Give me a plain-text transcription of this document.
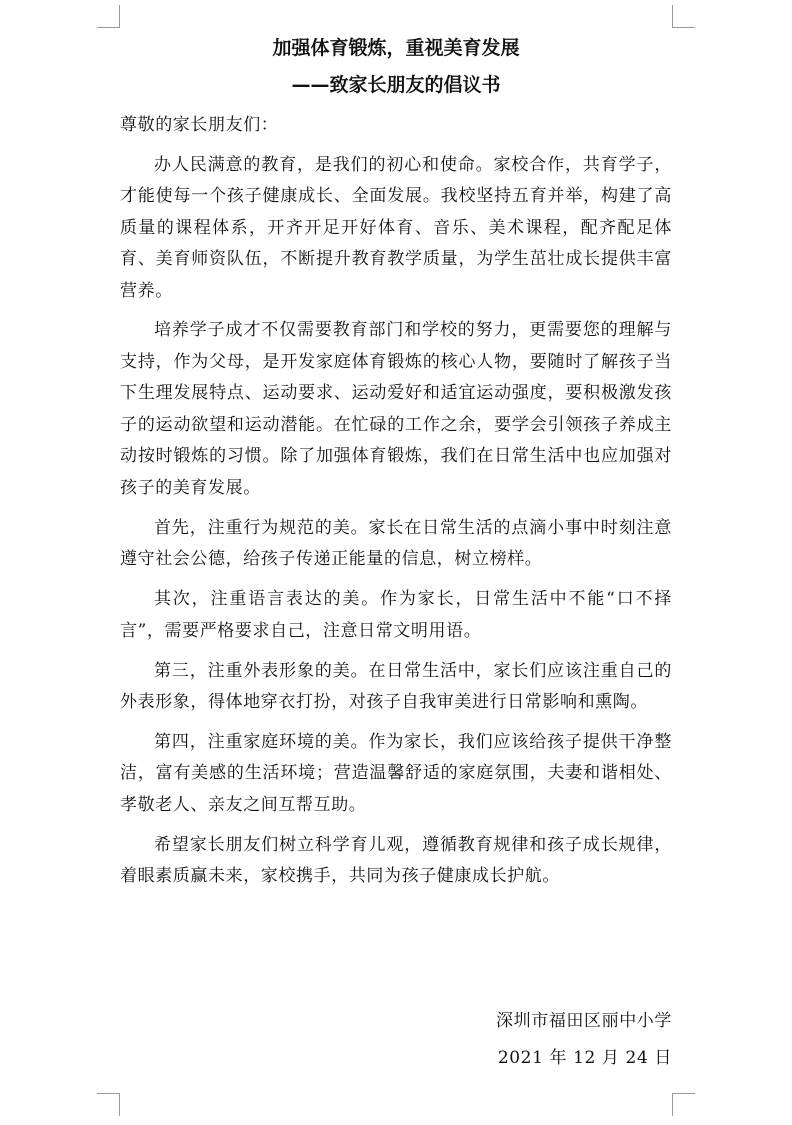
加强体育锻炼，重视美育发展
——致家长朋友的倡议书

尊敬的家长朋友们：

办人民满意的教育，是我们的初心和使命。家校合作，共育学子，才能使每一个孩子健康成长、全面发展。我校坚持五育并举，构建了高质量的课程体系，开齐开足开好体育、音乐、美术课程，配齐配足体育、美育师资队伍，不断提升教育教学质量，为学生茁壮成长提供丰富营养。

培养学子成才不仅需要教育部门和学校的努力，更需要您的理解与支持，作为父母，是开发家庭体育锻炼的核心人物，要随时了解孩子当下生理发展特点、运动要求、运动爱好和适宜运动强度，要积极激发孩子的运动欲望和运动潜能。在忙碌的工作之余，要学会引领孩子养成主动按时锻炼的习惯。除了加强体育锻炼，我们在日常生活中也应加强对孩子的美育发展。

首先，注重行为规范的美。家长在日常生活的点滴小事中时刻注意遵守社会公德，给孩子传递正能量的信息，树立榜样。

其次，注重语言表达的美。作为家长，日常生活中不能“口不择言”，需要严格要求自己，注意日常文明用语。

第三，注重外表形象的美。在日常生活中，家长们应该注重自己的外表形象，得体地穿衣打扮，对孩子自我审美进行日常影响和熏陶。

第四，注重家庭环境的美。作为家长，我们应该给孩子提供干净整洁，富有美感的生活环境；营造温馨舒适的家庭氛围，夫妻和谐相处、孝敬老人、亲友之间互帮互助。

希望家长朋友们树立科学育儿观，遵循教育规律和孩子成长规律，着眼素质赢未来，家校携手，共同为孩子健康成长护航。

深圳市福田区丽中小学
2021 年 12 月 24 日
